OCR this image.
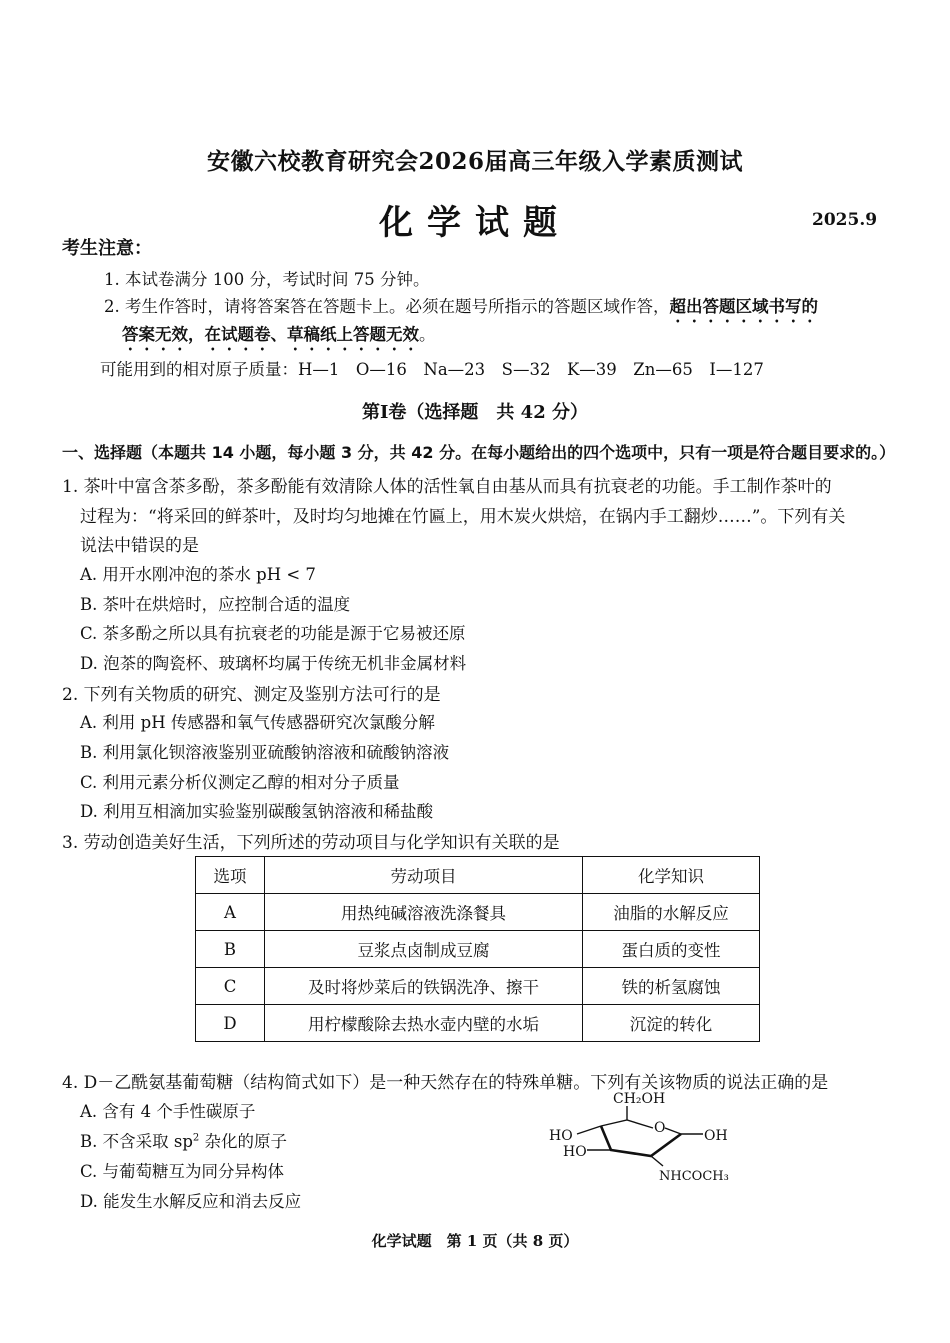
安徽六校教育研究会2026届高三年级入学素质测试
化学试题	2025.9
考生注意：
1. 本试卷满分 100 分，考试时间 75 分钟。
2. 考生作答时，请将答案答在答题卡上。必须在题号所指示的答题区域作答，超出答题区域书写的
答案无效，在试题卷、草稿纸上答题无效。
可能用到的相对原子质量：H—1　O—16　Na—23　S—32　K—39　Zn—65　I—127
第Ⅰ卷（选择题　共 42 分）
一、选择题（本题共 14 小题，每小题 3 分，共 42 分。在每小题给出的四个选项中，只有一项是符合题目要求的。）
1. 茶叶中富含茶多酚，茶多酚能有效清除人体的活性氧自由基从而具有抗衰老的功能。手工制作茶叶的
过程为：“将采回的鲜茶叶，及时均匀地摊在竹匾上，用木炭火烘焙，在锅内手工翻炒……”。下列有关
说法中错误的是
A. 用开水刚冲泡的茶水 pH < 7
B. 茶叶在烘焙时，应控制合适的温度
C. 茶多酚之所以具有抗衰老的功能是源于它易被还原
D. 泡茶的陶瓷杯、玻璃杯均属于传统无机非金属材料
2. 下列有关物质的研究、测定及鉴别方法可行的是
A. 利用 pH 传感器和氧气传感器研究次氯酸分解
B. 利用氯化钡溶液鉴别亚硫酸钠溶液和硫酸钠溶液
C. 利用元素分析仪测定乙醇的相对分子质量
D. 利用互相滴加实验鉴别碳酸氢钠溶液和稀盐酸
3. 劳动创造美好生活，下列所述的劳动项目与化学知识有关联的是
选项	劳动项目	化学知识
A	用热纯碱溶液洗涤餐具	油脂的水解反应
B	豆浆点卤制成豆腐	蛋白质的变性
C	及时将炒菜后的铁锅洗净、擦干	铁的析氢腐蚀
D	用柠檬酸除去热水壶内壁的水垢	沉淀的转化
4. D－乙酰氨基葡萄糖（结构简式如下）是一种天然存在的特殊单糖。下列有关该物质的说法正确的是
A. 含有 4 个手性碳原子
B. 不含采取 $sp^2$ 杂化的原子
C. 与葡萄糖互为同分异构体
D. 能发生水解反应和消去反应
CH₂OH
HO
HO
O	OH
NHCOCH₃
化学试题　第 1 页（共 8 页）
